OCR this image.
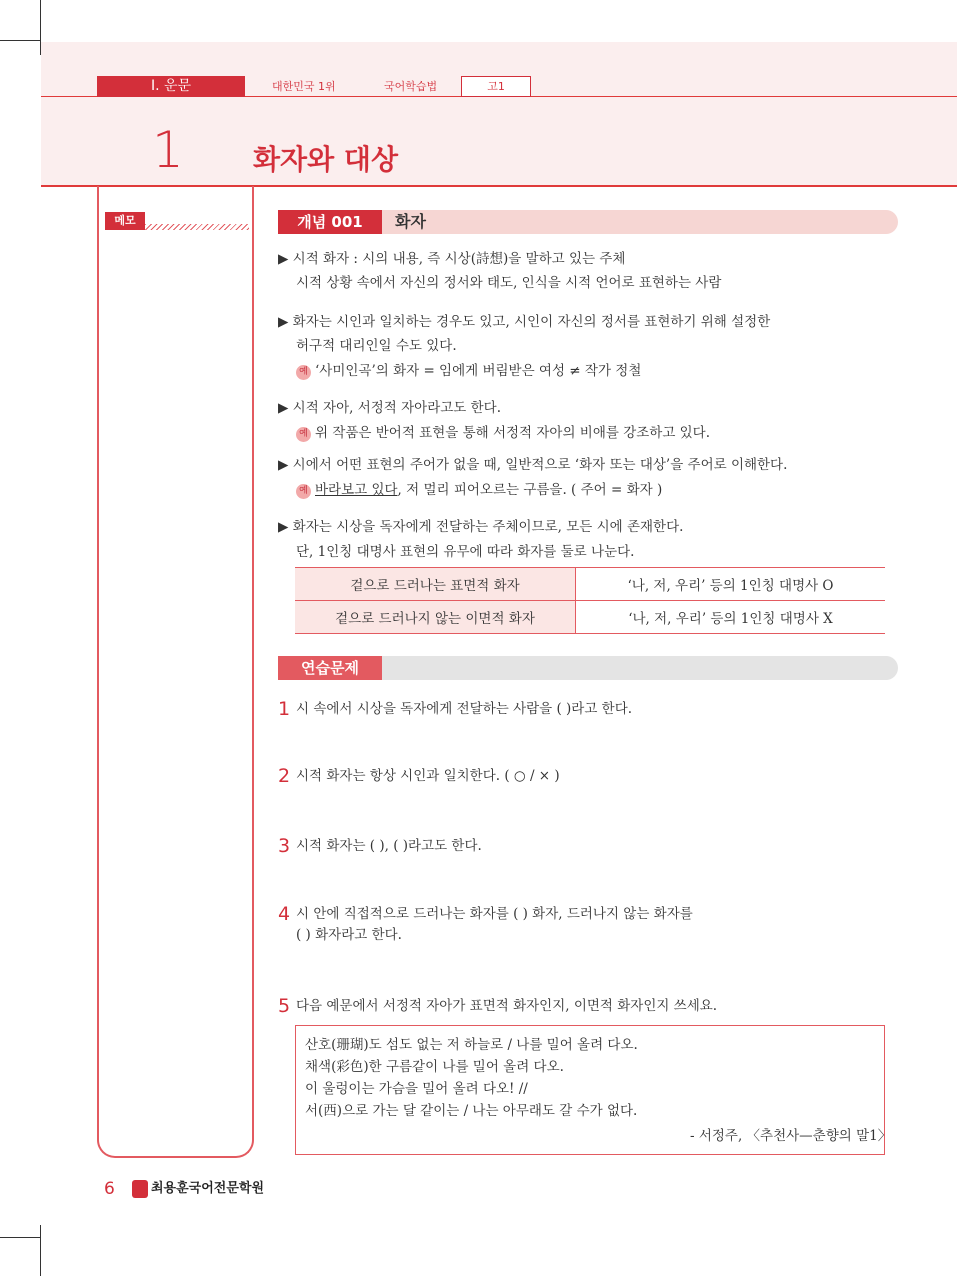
Ⅰ. 운문	대한민국 1위	국어학습법	고1
1 화자와 대상
메모	개념 001	화자
▶ 시적 화자 : 시의 내용, 즉 시상(詩想)을 말하고 있는 주체
시적 상황 속에서 자신의 정서와 태도, 인식을 시적 언어로 표현하는 사람
▶ 화자는 시인과 일치하는 경우도 있고, 시인이 자신의 정서를 표현하기 위해 설정한
허구적 대리인일 수도 있다.
예 ‘사미인곡’의 화자 = 임에게 버림받은 여성 ≠ 작가 정철
▶ 시적 자아, 서정적 자아라고도 한다.
예 위 작품은 반어적 표현을 통해 서정적 자아의 비애를 강조하고 있다.
▶ 시에서 어떤 표현의 주어가 없을 때, 일반적으로 ‘화자 또는 대상’을 주어로 이해한다.
예 바라보고 있다, 저 멀리 피어오르는 구름을. ( 주어 = 화자 )
▶ 화자는 시상을 독자에게 전달하는 주체이므로, 모든 시에 존재한다.
단, 1인칭 대명사 표현의 유무에 따라 화자를 둘로 나눈다.
겉으로 드러나는 표면적 화자	‘나, 저, 우리’ 등의 1인칭 대명사 O
겉으로 드러나지 않는 이면적 화자	‘나, 저, 우리’ 등의 1인칭 대명사 X
연습문제
1 시 속에서 시상을 독자에게 전달하는 사람을 ( )라고 한다.
2 시적 화자는 항상 시인과 일치한다. ( ○ / × )
3 시적 화자는 ( ), ( )라고도 한다.
4 시 안에 직접적으로 드러나는 화자를 ( ) 화자, 드러나지 않는 화자를
( ) 화자라고 한다.
5 다음 예문에서 서정적 자아가 표면적 화자인지, 이면적 화자인지 쓰세요.
산호(珊瑚)도 섬도 없는 저 하늘로 / 나를 밀어 올려 다오.
채색(彩色)한 구름같이 나를 밀어 올려 다오.
이 울렁이는 가슴을 밀어 올려 다오! //
서(西)으로 가는 달 같이는 / 나는 아무래도 갈 수가 없다.
- 서정주, 〈추천사—춘향의 말1〉
6	최용훈국어전문학원
